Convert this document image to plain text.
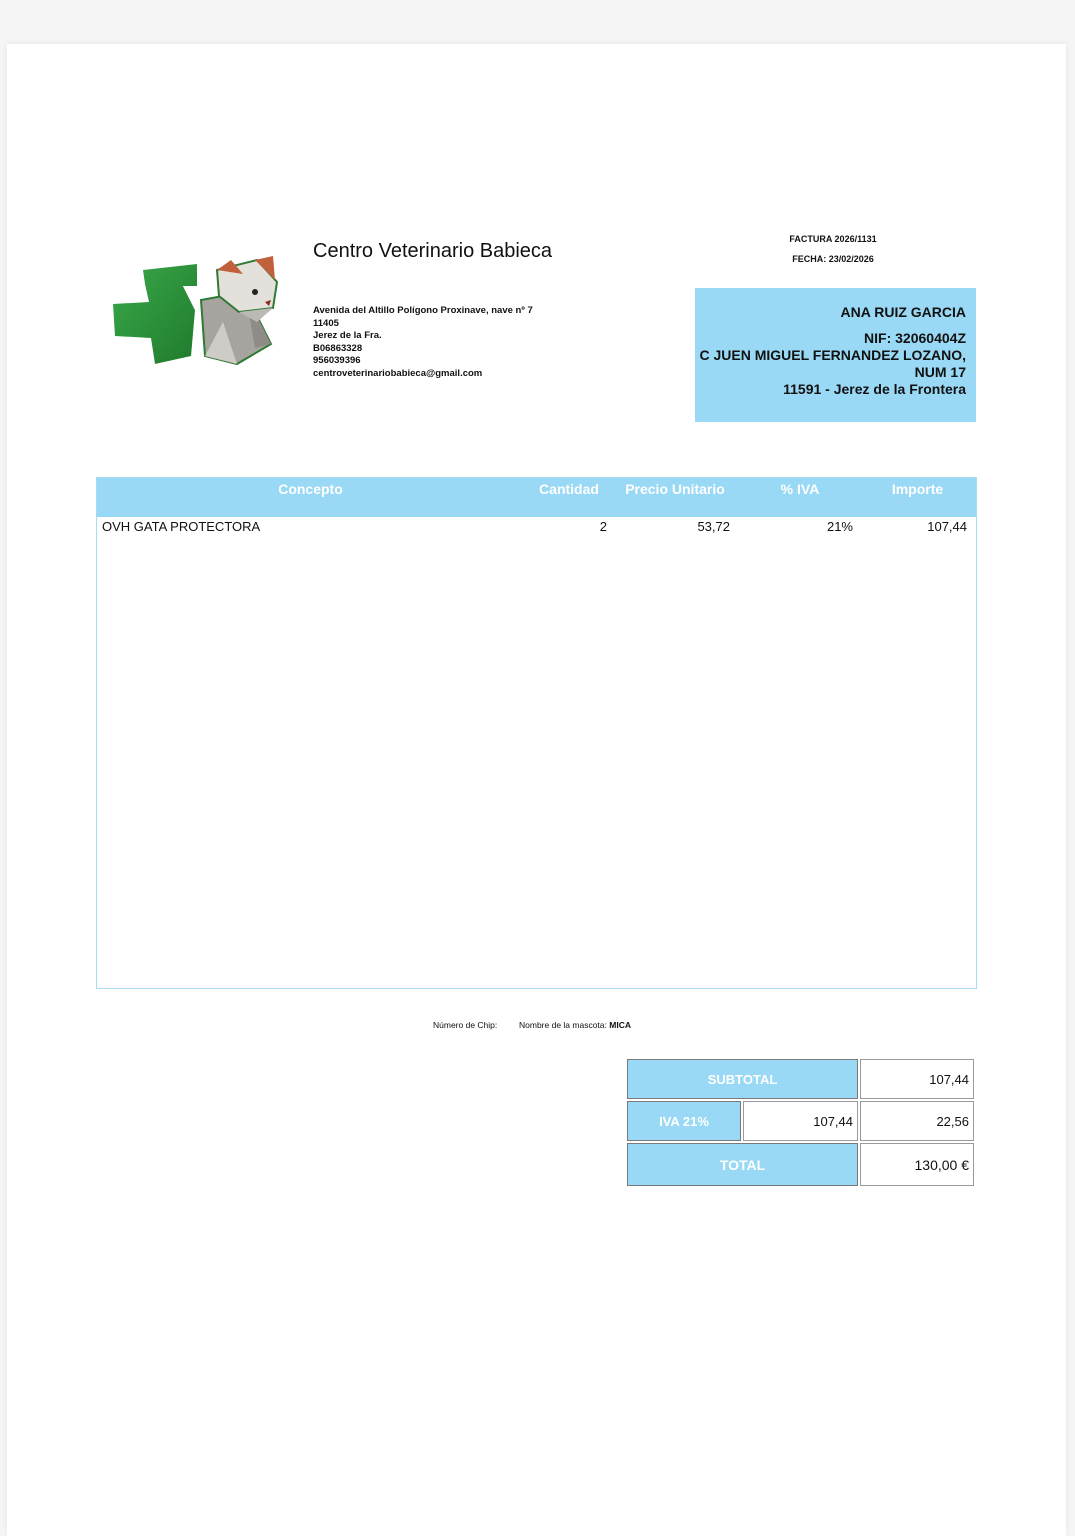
Centro Veterinario Babieca
Avenida del Altillo Polígono Proxinave, nave nº 7
11405
Jerez de la Fra.
B06863328
956039396
centroveterinariobabieca@gmail.com
FACTURA 2026/1131
FECHA: 23/02/2026
ANA RUIZ GARCIA
NIF: 32060404Z
C JUEN MIGUEL FERNANDEZ LOZANO,
NUM 17
11591 - Jerez de la Frontera
Concepto	Cantidad	Precio Unitario	% IVA	Importe
OVH GATA PROTECTORA	2	53,72	21%	107,44
Número de Chip:	Nombre de la mascota: MICA
SUBTOTAL	107,44
IVA 21%	107,44	22,56
TOTAL	130,00 €
